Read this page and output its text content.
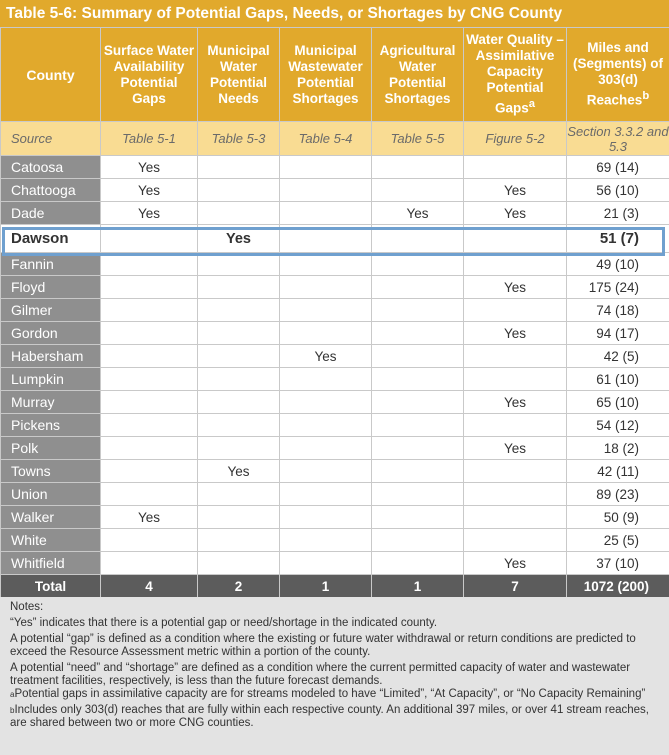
Table 5-6: Summary of Potential Gaps, Needs, or Shortages by CNG County
County	Surface Water Availability Potential Gaps	Municipal Water Potential Needs	Municipal Wastewater Potential Shortages	Agricultural Water Potential Shortages	Water Quality – Assimilative Capacity Potential Gaps$^a$	Miles and (Segments) of 303(d) Reaches$^b$
Source	Table 5-1	Table 5-3	Table 5-4	Table 5-5	Figure 5-2	Section 3.3.2 and 5.3
Catoosa	Yes					69 (14)
Chattooga	Yes				Yes	56 (10)
Dade	Yes			Yes	Yes	21 (3)
Dawson		Yes				51 (7)
Fannin						49 (10)
Floyd					Yes	175 (24)
Gilmer						74 (18)
Gordon					Yes	94 (17)
Habersham			Yes			42 (5)
Lumpkin						61 (10)
Murray					Yes	65 (10)
Pickens						54 (12)
Polk					Yes	18 (2)
Towns		Yes				42 (11)
Union						89 (23)
Walker	Yes					50 (9)
White						25 (5)
Whitfield					Yes	37 (10)
Total	4	2	1	1	7	1072 (200)

Notes:

“Yes” indicates that there is a potential gap or need/shortage in the indicated county.

A potential “gap” is defined as a condition where the existing or future water withdrawal or return conditions are predicted to exceed the Resource Assessment metric within a portion of the county.

A potential “need” and “shortage” are defined as a condition where the current permitted capacity of water and wastewater treatment facilities, respectively, is less than the future forecast demands.
$^a$Potential gaps in assimilative capacity are for streams modeled to have “Limited”, “At Capacity”, or “No Capacity Remaining”

$^b$Includes only 303(d) reaches that are fully within each respective county. An additional 397 miles, or over 41 stream reaches, are shared between two or more CNG counties.
